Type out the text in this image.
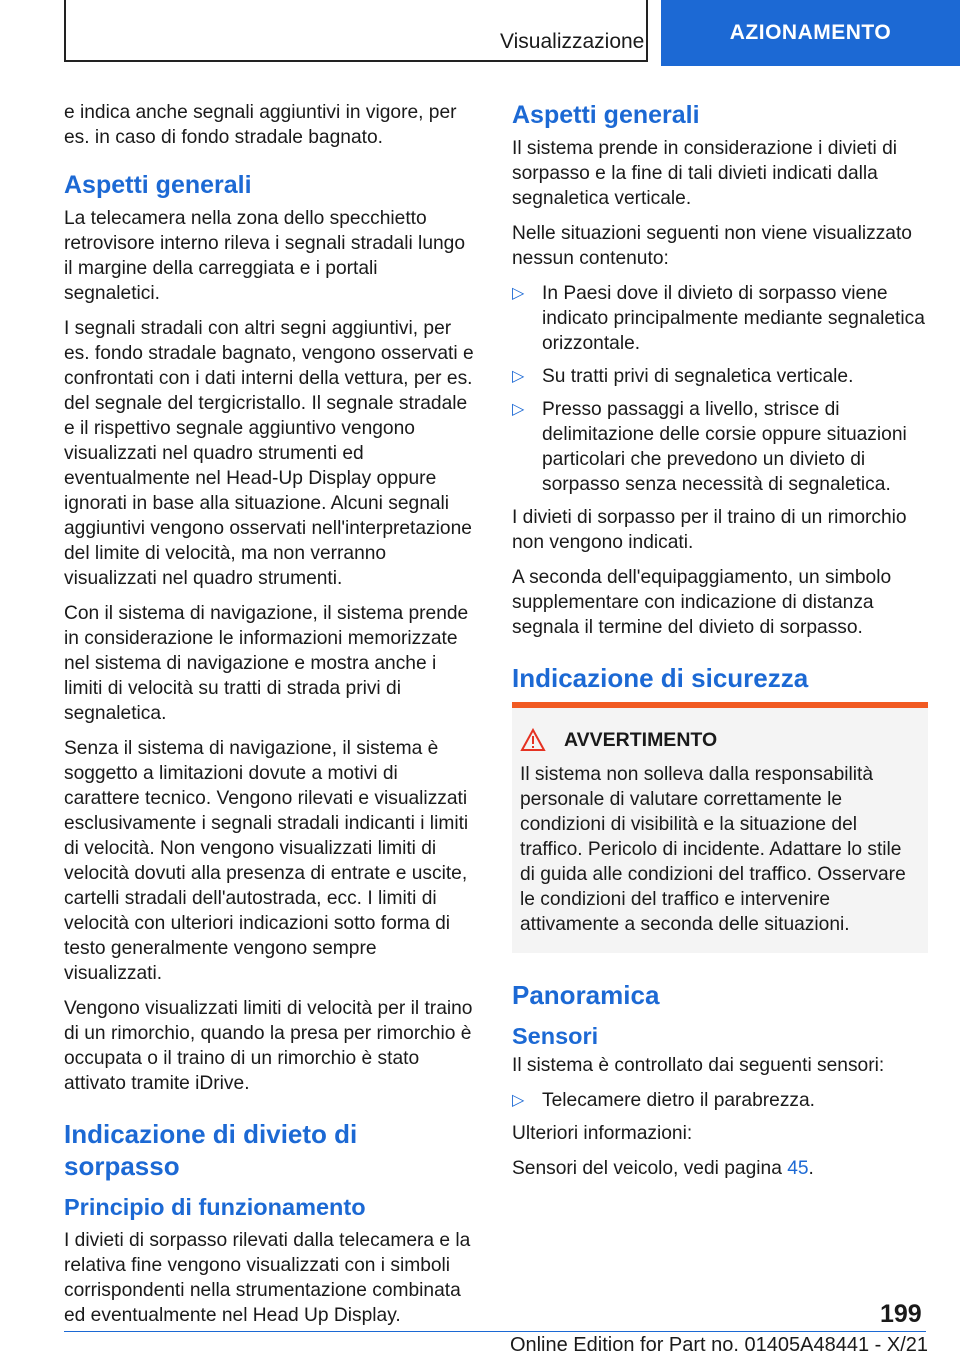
Visualizzazione	AZIONAMENTO

e indica anche segnali aggiuntivi in vigore, per es. in caso di fondo stradale bagnato.

Aspetti generali

La telecamera nella zona dello specchietto retrovisore interno rileva i segnali stradali lungo il margine della carreggiata e i portali segnaletici.

I segnali stradali con altri segni aggiuntivi, per es. fondo stradale bagnato, vengono osservati e confrontati con i dati interni della vettura, per es. del segnale del tergicristallo. Il segnale stradale e il rispettivo segnale aggiuntivo vengono visualizzati nel quadro strumenti ed eventualmente nel Head-Up Display oppure ignorati in base alla situazione. Alcuni segnali aggiuntivi vengono osservati nell'interpretazione del limite di velocità, ma non verranno visualizzati nel quadro strumenti.

Con il sistema di navigazione, il sistema prende in considerazione le informazioni memorizzate nel sistema di navigazione e mostra anche i limiti di velocità su tratti di strada privi di segnaletica.

Senza il sistema di navigazione, il sistema è soggetto a limitazioni dovute a motivi di carattere tecnico. Vengono rilevati e visualizzati esclusivamente i segnali stradali indicanti i limiti di velocità. Non vengono visualizzati limiti di velocità dovuti alla presenza di entrate e uscite, cartelli stradali dell'autostrada, ecc. I limiti di velocità con ulteriori indicazioni sotto forma di testo generalmente vengono sempre visualizzati.

Vengono visualizzati limiti di velocità per il traino di un rimorchio, quando la presa per rimorchio è occupata o il traino di un rimorchio è stato attivato tramite iDrive.

Indicazione di divieto di sorpasso
Principio di funzionamento

I divieti di sorpasso rilevati dalla telecamera e la relativa fine vengono visualizzati con i simboli corrispondenti nella strumentazione combinata ed eventualmente nel Head Up Display.

Aspetti generali

Il sistema prende in considerazione i divieti di sorpasso e la fine di tali divieti indicati dalla segnaletica verticale.

Nelle situazioni seguenti non viene visualizzato nessun contenuto:

▷ In Paesi dove il divieto di sorpasso viene indicato principalmente mediante segnaletica orizzontale.
▷ Su tratti privi di segnaletica verticale.
▷ Presso passaggi a livello, strisce di delimitazione delle corsie oppure situazioni particolari che prevedono un divieto di sorpasso senza necessità di segnaletica.

I divieti di sorpasso per il traino di un rimorchio non vengono indicati.

A seconda dell'equipaggiamento, un simbolo supplementare con indicazione di distanza segnala il termine del divieto di sorpasso.

Indicazione di sicurezza
AVVERTIMENTO

Il sistema non solleva dalla responsabilità personale di valutare correttamente le condizioni di visibilità e la situazione del traffico. Pericolo di incidente. Adattare lo stile di guida alle condizioni del traffico. Osservare le condizioni del traffico e intervenire attivamente a seconda delle situazioni.

Panoramica
Sensori

Il sistema è controllato dai seguenti sensori:

▷ Telecamere dietro il parabrezza.

Ulteriori informazioni:

Sensori del veicolo, vedi pagina 45.

199
Online Edition for Part no. 01405A48441 - X/21
